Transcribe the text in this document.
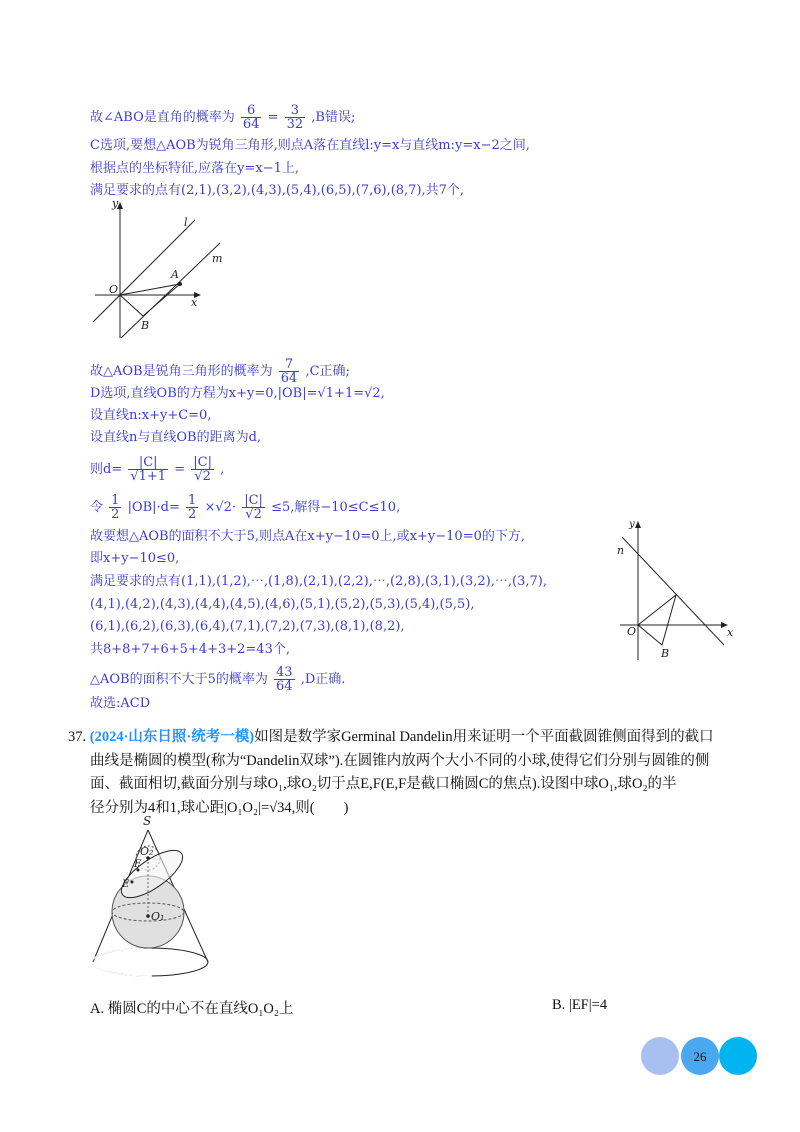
故∠ABO是直角的概率为 $\frac{6}{64} = \frac{3}{32} ,B$错误;
C选项,要想△AOB为锐角三角形,则点A落在直线l:y=x与直线m:y=x−2之间,
根据点的坐标特征,应落在y=x−1上,
满足要求的点有(2,1),(3,2),(4,3),(5,4),(6,5),(7,6),(8,7),共7个,
y
x
O
l
m
A
B
故△AOB是锐角三角形的概率为 $\frac{7}{64} ,C$正确;
D选项,直线OB的方程为x+y=0,|OB|=√1+1=√2,
设直线n:x+y+C=0,
设直线n与直线OB的距离为d,
则$d= \frac{|C|}{√1+1} = \frac{|C|}{√2}$ ,
令 $\frac{1}{2} |OB|\cdot d= \frac{1}{2} \times√2\cdot \frac{|C|}{√2} \le 5$,解得−10≤C≤10,
故要想△AOB的面积不大于5,则点A在x+y−10=0上,或x+y−10=0的下方,
即x+y−10≤0,
满足要求的点有(1,1),(1,2),⋯,(1,8),(2,1),(2,2),⋯,(2,8),(3,1),(3,2),⋯,(3,7),
(4,1),(4,2),(4,3),(4,4),(4,5),(4,6),(5,1),(5,2),(5,3),(5,4),(5,5),
(6,1),(6,2),(6,3),(6,4),(7,1),(7,2),(7,3),(8,1),(8,2),
共8+8+7+6+5+4+3+2=43个,
△AOB的面积不大于5的概率为 $\frac{43}{64} ,D$正确.
故选:ACD
y
x
O
n
B
37. (2024·山东日照·统考一模)如图是数学家Germinal Dandelin用来证明一个平面截圆锥侧面得到的截口
曲线是椭圆的模型(称为“Dandelin双球”).在圆锥内放两个大小不同的小球,使得它们分别与圆锥的侧
面、截面相切,截面分别与球O₁,球O₂切于点E,F(E,F是截口椭圆C的焦点).设图中球O₁,球O₂的半
径分别为4和1,球心距|O₁O₂|=√34,则(　　)
S
O₂
F
E
O₁
A. 椭圆C的中心不在直线O₁O₂上	B. |EF|=4
26
